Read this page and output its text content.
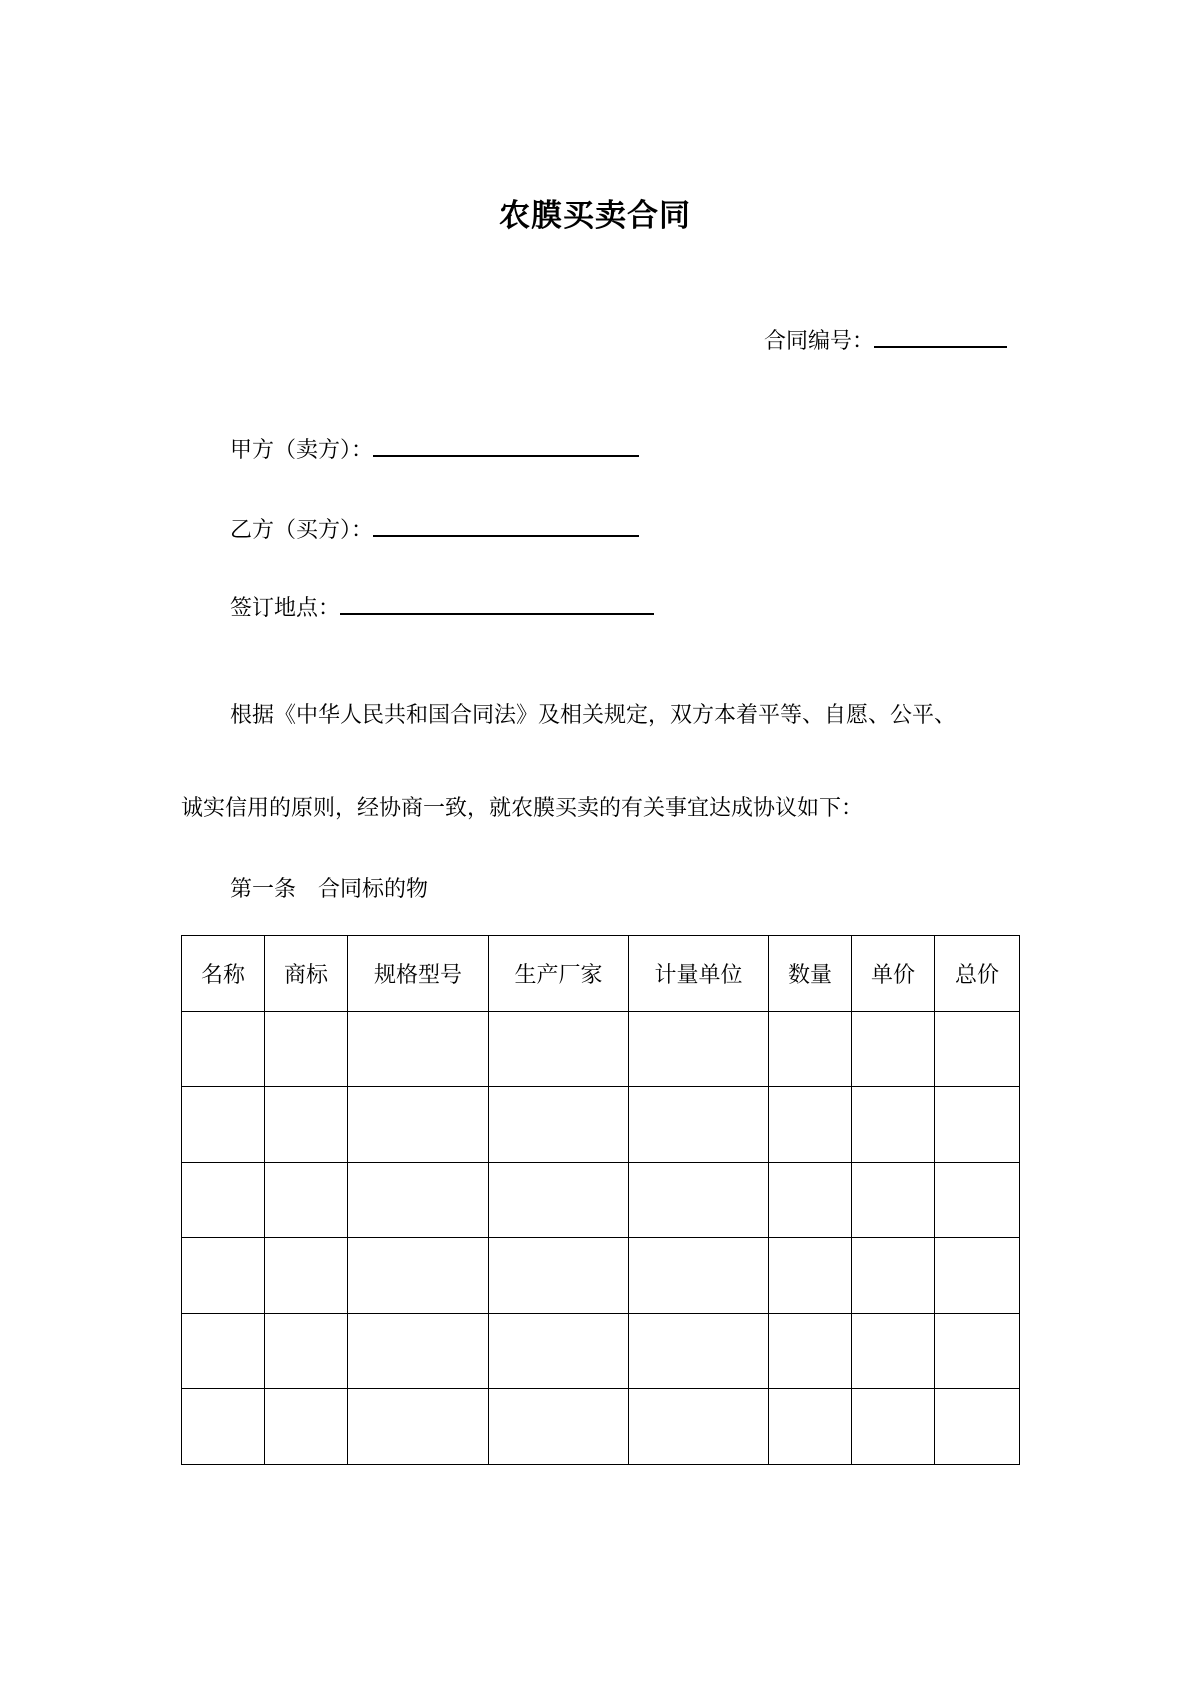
农膜买卖合同
合同编号：
甲方（卖方）：
乙方（买方）：
签订地点：
根据《中华人民共和国合同法》及相关规定，双方本着平等、自愿、公平、
诚实信用的原则，经协商一致，就农膜买卖的有关事宜达成协议如下：
第一条　合同标的物
名称	商标	规格型号	生产厂家	计量单位	数量	单价	总价
